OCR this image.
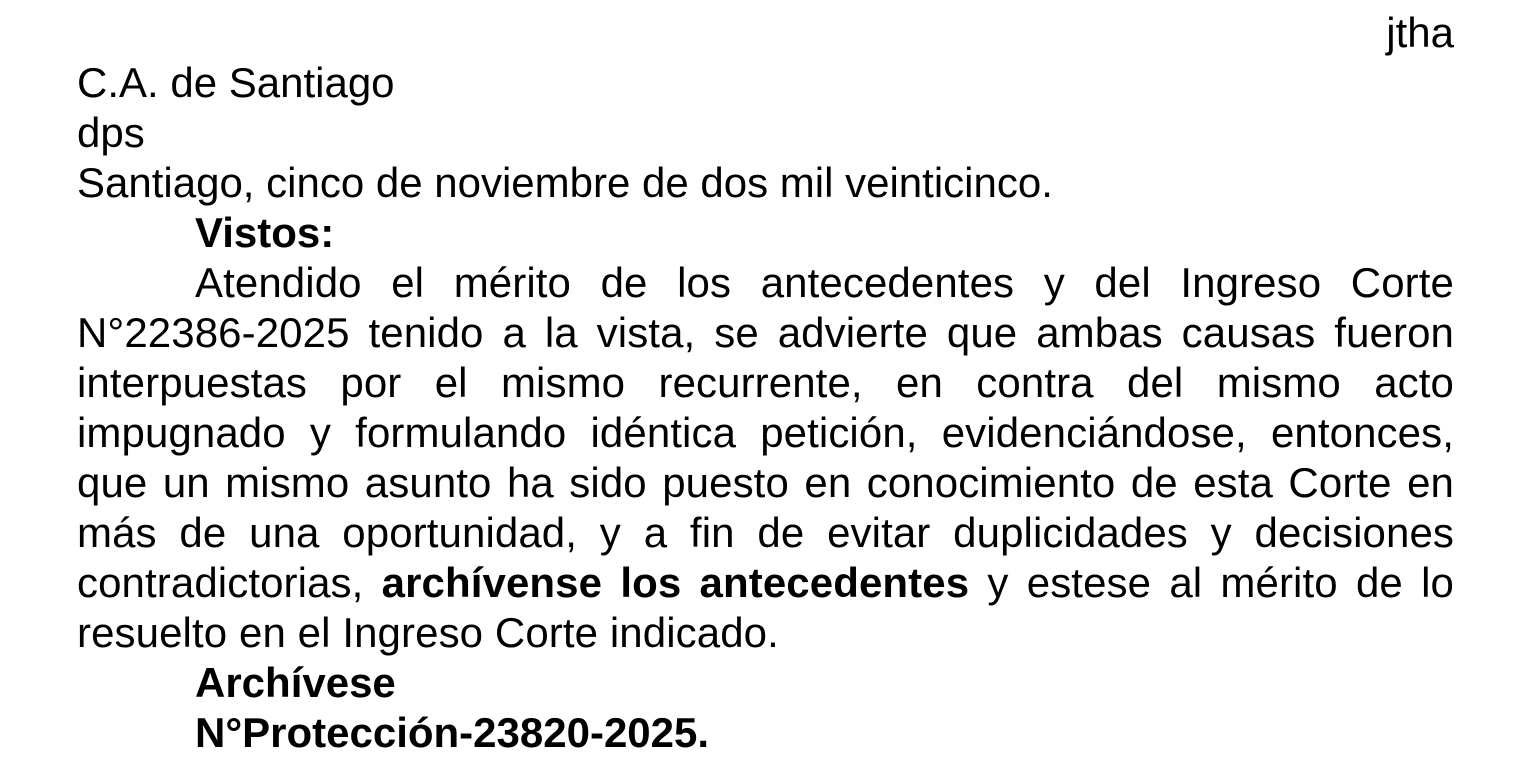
jtha
C.A. de Santiago
dps
Santiago, cinco de noviembre de dos mil veinticinco.
Vistos:

Atendido el mérito de los antecedentes y del Ingreso Corte N°22386-2025 tenido a la vista, se advierte que ambas causas fueron interpuestas por el mismo recurrente, en contra del mismo acto impugnado y formulando idéntica petición, evidenciándose, entonces, que un mismo asunto ha sido puesto en conocimiento de esta Corte en más de una oportunidad, y a fin de evitar duplicidades y decisiones contradictorias, archívense los antecedentes y estese al mérito de lo resuelto en el Ingreso Corte indicado.

Archívese
N°Protección-23820-2025.
